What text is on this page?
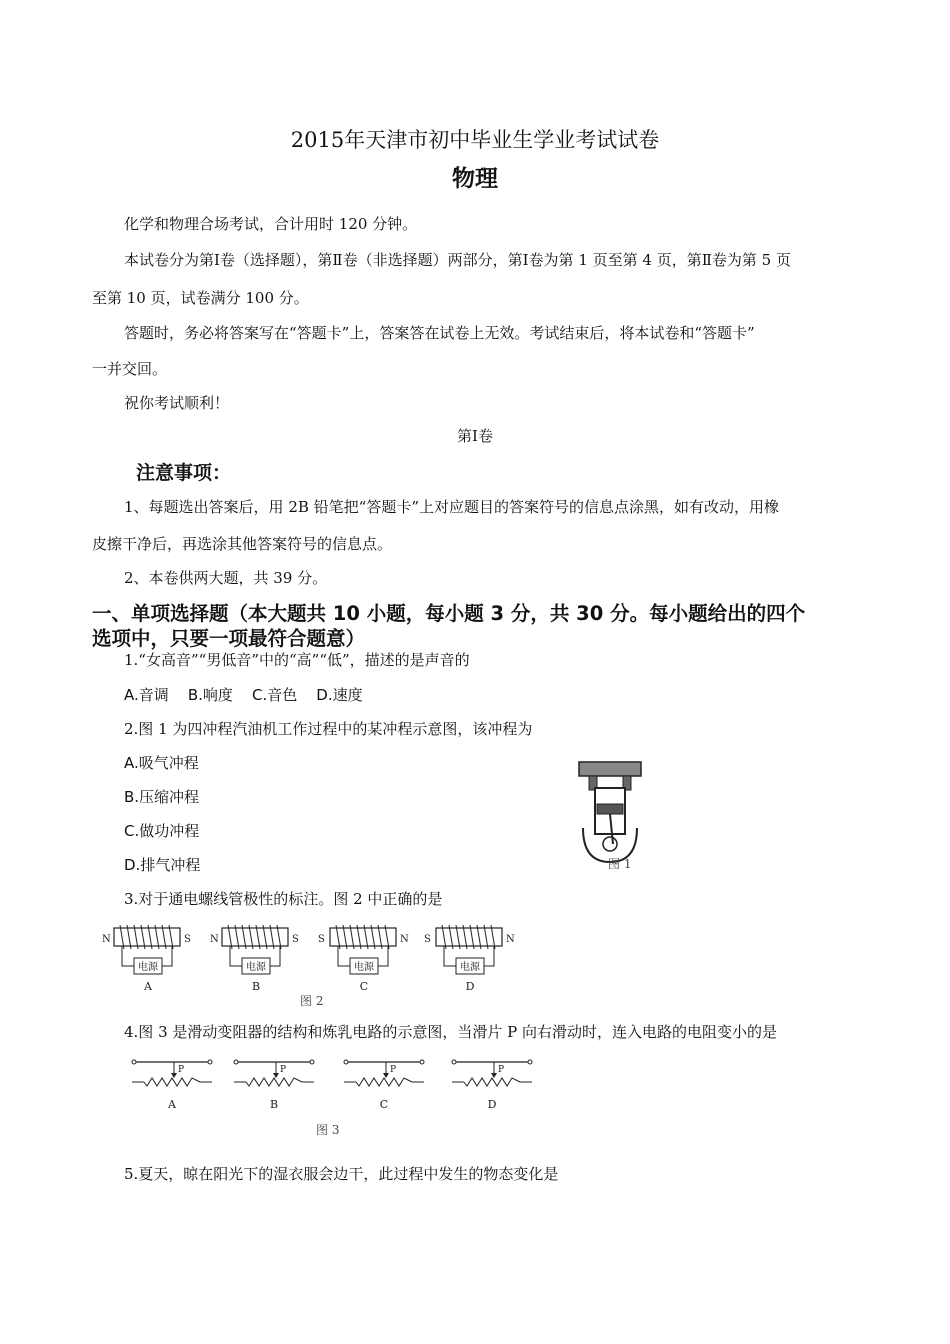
2015年天津市初中毕业生学业考试试卷
物理
化学和物理合场考试，合计用时 120 分钟。
本试卷分为第Ⅰ卷（选择题），第Ⅱ卷（非选择题）两部分，第Ⅰ卷为第 1 页至第 4 页，第Ⅱ卷为第 5 页
至第 10 页，试卷满分 100 分。
答题时，务必将答案写在“答题卡”上，答案答在试卷上无效。考试结束后，将本试卷和“答题卡”
一并交回。
祝你考试顺利！
第Ⅰ卷
注意事项：
1、每题选出答案后，用 2B 铅笔把“答题卡”上对应题目的答案符号的信息点涂黑，如有改动，用橡
皮擦干净后，再选涂其他答案符号的信息点。
2、本卷供两大题，共 39 分。
一、单项选择题（本大题共 10 小题，每小题 3 分，共 30 分。每小题给出的四个
选项中，只要一项最符合题意）
1.“女高音”“男低音”中的“高”“低”，描述的是声音的
A.音调    B.响度    C.音色    D.速度
2.图 1 为四冲程汽油机工作过程中的某冲程示意图，该冲程为
A.吸气冲程
B.压缩冲程
C.做功冲程
D.排气冲程	图 1
3.对于通电螺线管极性的标注。图 2 中正确的是
电源
N	S
A
电源
N	S
B
电源
S	N
C
电源
S	N
D
图 2
4.图 3 是滑动变阻器的结构和炼乳电路的示意图，当滑片 P 向右滑动时，连入电路的电阻变小的是
P
A
P
B
P
C
P
D
图 3
5.夏天，晾在阳光下的湿衣服会边干，此过程中发生的物态变化是
